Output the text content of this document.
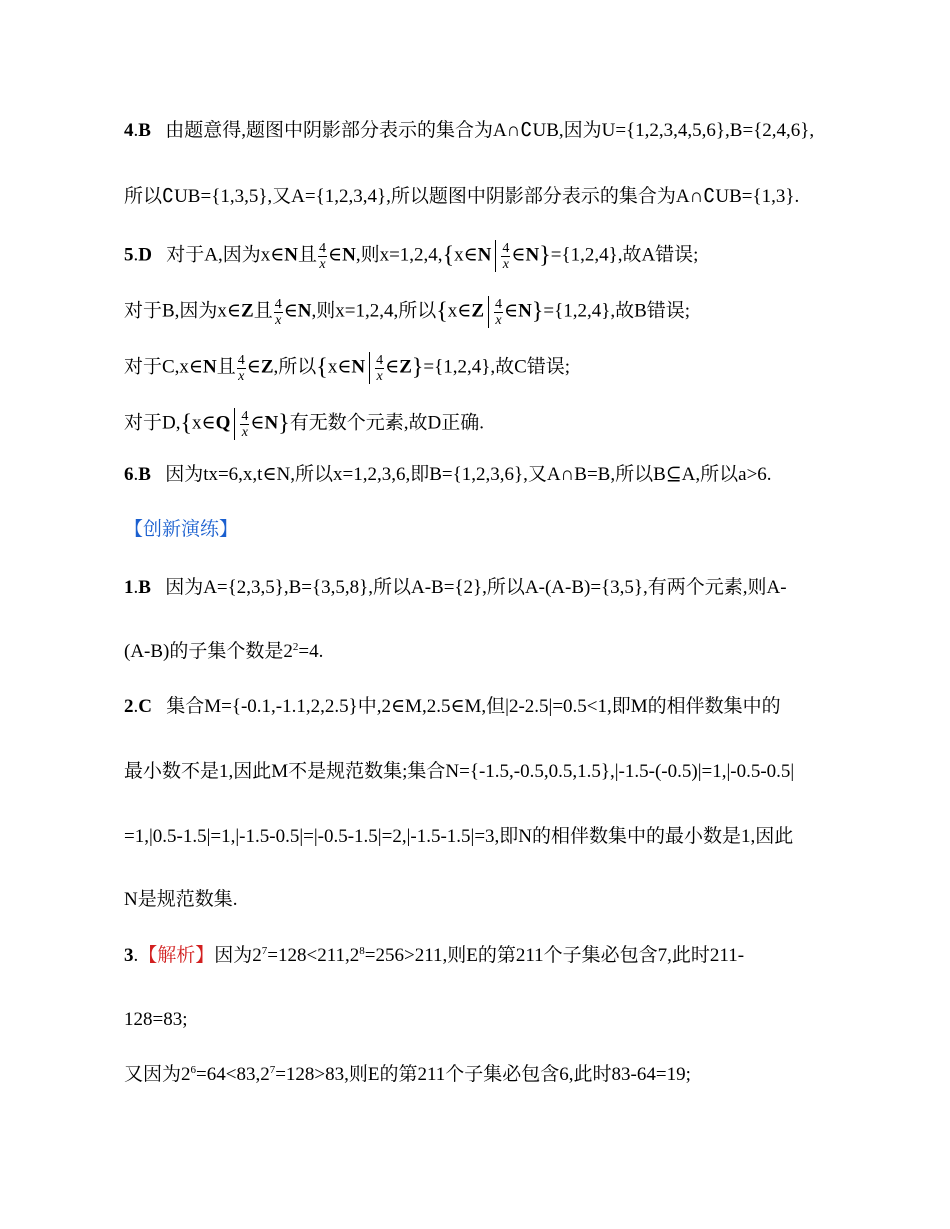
4.B 由题意得,题图中阴影部分表示的集合为A∩∁UB,因为U={1,2,3,4,5,6},B={2,4,6},
所以∁UB={1,3,5},又A={1,2,3,4},所以题图中阴影部分表示的集合为A∩∁UB={1,3}.
5.D 对于A,因为x∈N且 $\frac{4}{x}$ ∈N,则x=1,2,4,{x∈N $\frac{4}{x}$ ∈N}={1,2,4},故A错误;
对于B,因为x∈Z且 $\frac{4}{x}$ ∈N,则x=1,2,4,所以{x∈Z $\frac{4}{x}$ ∈N}={1,2,4},故B错误;
对于C,x∈N且 $\frac{4}{x}$ ∈Z,所以{x∈N $\frac{4}{x}$ ∈Z}={1,2,4},故C错误;
对于D,{x∈Q $\frac{4}{x}$ ∈N}有无数个元素,故D正确.
6.B 因为tx=6,x,t∈N,所以x=1,2,3,6,即B={1,2,3,6},又A∩B=B,所以B⊆A,所以a>6.
【创新演练】
1.B 因为A={2,3,5},B={3,5,8},所以A-B={2},所以A-(A-B)={3,5},有两个元素,则A-
(A-B)的子集个数是$2^2=4$.
2.C 集合M={-0.1,-1.1,2,2.5}中,2∈M,2.5∈M,但|2-2.5|=0.5<1,即M的相伴数集中的
最小数不是1,因此M不是规范数集;集合N={-1.5,-0.5,0.5,1.5},|-1.5-(-0.5)|=1,|-0.5-0.5|
=1,|0.5-1.5|=1,|-1.5-0.5|=|-0.5-1.5|=2,|-1.5-1.5|=3,即N的相伴数集中的最小数是1,因此
N是规范数集.
3.【解析】因为$2^7=128<211,2^8=256>211$,则E的第211个子集必包含7,此时211-
128=83;
又因为$2^6=64<83,2^7=128>83$,则E的第211个子集必包含6,此时83-64=19;
